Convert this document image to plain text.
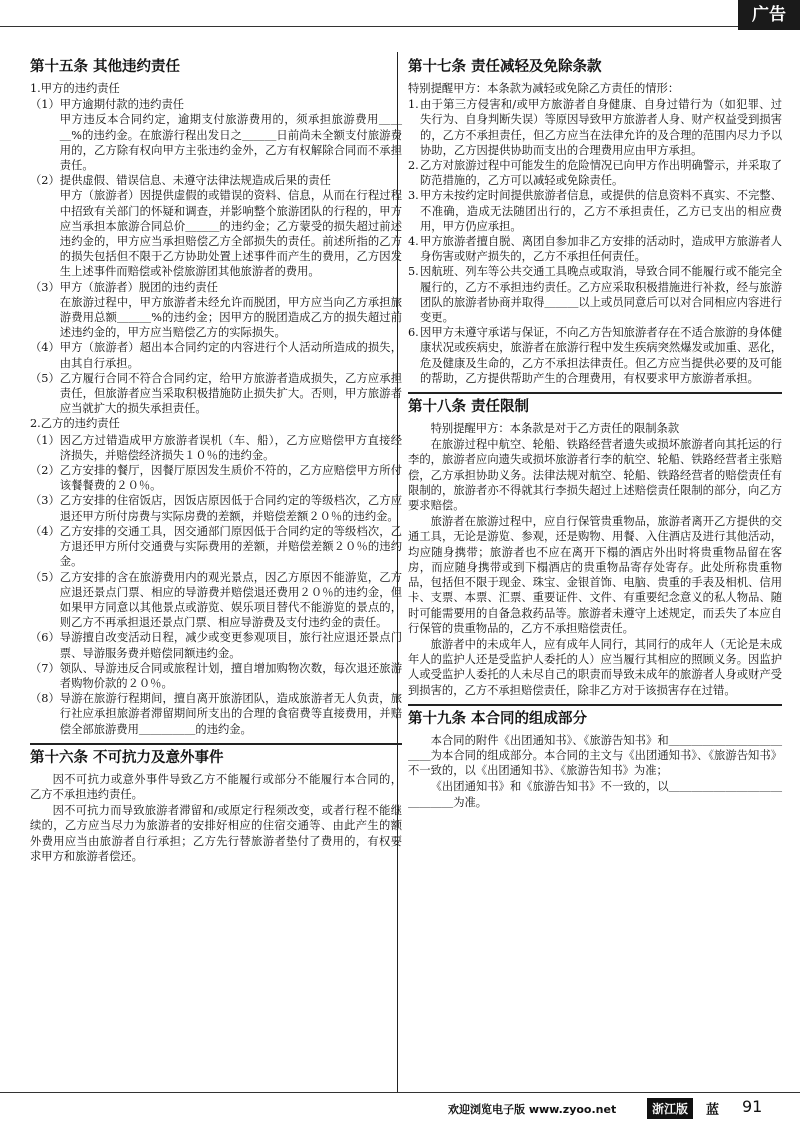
广告
第十五条 其他违约责任

1.甲方的违约责任

（1） 甲方逾期付款的违约责任
甲方违反本合同约定，逾期支付旅游费用的，须承担旅游费用＿＿＿%的违约金。在旅游行程出发日之＿＿＿日前尚未全额支付旅游费用的，乙方除有权向甲方主张违约金外，乙方有权解除合同而不承担责任。
（2） 提供虚假、错误信息、未遵守法律法规造成后果的责任
甲方（旅游者）因提供虚假的或错误的资料、信息，从而在行程过程中招致有关部门的怀疑和调查，并影响整个旅游团队的行程的，甲方应当承担本旅游合同总价＿＿＿的违约金；乙方蒙受的损失超过前述违约金的，甲方应当承担赔偿乙方全部损失的责任。前述所指的乙方的损失包括但不限于乙方协助处置上述事件而产生的费用，乙方因发生上述事件而赔偿或补偿旅游团其他旅游者的费用。
（3） 甲方（旅游者）脱团的违约责任
在旅游过程中，甲方旅游者未经允许而脱团，甲方应当向乙方承担旅游费用总额＿＿＿%的违约金；因甲方的脱团造成乙方的损失超过前述违约金的，甲方应当赔偿乙方的实际损失。
（4） 甲方（旅游者）超出本合同约定的内容进行个人活动所造成的损失，由其自行承担。
（5） 乙方履行合同不符合合同约定，给甲方旅游者造成损失，乙方应承担责任，但旅游者应当采取积极措施防止损失扩大。否则，甲方旅游者应当就扩大的损失承担责任。

2.乙方的违约责任

（1） 因乙方过错造成甲方旅游者误机（车、船），乙方应赔偿甲方直接经济损失，并赔偿经济损失１０％的违约金。
（2） 乙方安排的餐厅，因餐厅原因发生质价不符的，乙方应赔偿甲方所付该餐餐费的２０％。
（3） 乙方安排的住宿饭店，因饭店原因低于合同约定的等级档次，乙方应退还甲方所付房费与实际房费的差额，并赔偿差额２０％的违约金。
（4） 乙方安排的交通工具，因交通部门原因低于合同约定的等级档次，乙方退还甲方所付交通费与实际费用的差额，并赔偿差额２０％的违约金。
（5） 乙方安排的含在旅游费用内的观光景点，因乙方原因不能游览，乙方应退还景点门票、相应的导游费并赔偿退还费用２０％的违约金，但如果甲方同意以其他景点或游览、娱乐项目替代不能游览的景点的，则乙方不再承担退还景点门票、相应导游费及支付违约金的责任。
（6） 导游擅自改变活动日程，减少或变更参观项目，旅行社应退还景点门票、导游服务费并赔偿同额违约金。
（7） 领队、导游违反合同或旅程计划，擅自增加购物次数，每次退还旅游者购物价款的２０％。
（8） 导游在旅游行程期间，擅自离开旅游团队，造成旅游者无人负责，旅行社应承担旅游者滞留期间所支出的合理的食宿费等直接费用，并赔偿全部旅游费用＿＿＿＿＿的违约金。
第十六条 不可抗力及意外事件

因不可抗力或意外事件导致乙方不能履行或部分不能履行本合同的，乙方不承担违约责任。

因不可抗力而导致旅游者滞留和/或原定行程须改变，或者行程不能继续的，乙方应当尽力为旅游者的安排好相应的住宿交通等、由此产生的额外费用应当由旅游者自行承担；乙方先行替旅游者垫付了费用的，有权要求甲方和旅游者偿还。

第十七条 责任减轻及免除条款

特别提醒甲方：本条款为减轻或免除乙方责任的情形：

1. 由于第三方侵害和/或甲方旅游者自身健康、自身过错行为（如犯罪、过失行为、自身判断失误）等原因导致甲方旅游者人身、财产权益受到损害的，乙方不承担责任，但乙方应当在法律允许的及合理的范围内尽力予以协助，乙方因提供协助而支出的合理费用应由甲方承担。
2. 乙方对旅游过程中可能发生的危险情况已向甲方作出明确警示，并采取了防范措施的，乙方可以减轻或免除责任。
3. 甲方未按约定时间提供旅游者信息，或提供的信息资料不真实、不完整、不准确，造成无法随团出行的，乙方不承担责任，乙方已支出的相应费用，甲方仍应承担。
4. 甲方旅游者擅自脱、离团自参加非乙方安排的活动时，造成甲方旅游者人身伤害或财产损失的，乙方不承担任何责任。
5. 因航班、列车等公共交通工具晚点或取消，导致合同不能履行或不能完全履行的，乙方不承担违约责任。乙方应采取积极措施进行补救，经与旅游团队的旅游者协商并取得＿＿＿以上或员同意后可以对合同相应内容进行变更。
6. 因甲方未遵守承诺与保证，不向乙方告知旅游者存在不适合旅游的身体健康状况或疾病史，旅游者在旅游行程中发生疾病突然爆发或加重、恶化，危及健康及生命的，乙方不承担法律责任。但乙方应当提供必要的及可能的帮助，乙方提供帮助产生的合理费用，有权要求甲方旅游者承担。
第十八条 责任限制

特别提醒甲方：本条款是对于乙方责任的限制条款

在旅游过程中航空、轮船、铁路经营者遗失或损坏旅游者向其托运的行李的，旅游者应向遗失或损坏旅游者行李的航空、轮船、铁路经营者主张赔偿，乙方承担协助义务。法律法规对航空、轮船、铁路经营者的赔偿责任有限制的，旅游者亦不得就其行李损失超过上述赔偿责任限制的部分，向乙方要求赔偿。

旅游者在旅游过程中，应自行保管贵重物品，旅游者离开乙方提供的交通工具，无论是游览、参观，还是购物、用餐、入住酒店及进行其他活动，均应随身携带；旅游者也不应在离开下榻的酒店外出时将贵重物品留在客房，而应随身携带或到下榻酒店的贵重物品寄存处寄存。此处所称贵重物品，包括但不限于现金、珠宝、金银首饰、电脑、贵重的手表及相机、信用卡、支票、本票、汇票、重要证件、文件、有重要纪念意义的私人物品、随时可能需要用的自备急救药品等。旅游者未遵守上述规定，而丢失了本应自行保管的贵重物品的，乙方不承担赔偿责任。

旅游者中的未成年人，应有成年人同行，其同行的成年人（无论是未成年人的监护人还是受监护人委托的人）应当履行其相应的照顾义务。因监护人或受监护人委托的人未尽自己的职责而导致未成年的旅游者人身或财产受到损害的，乙方不承担赔偿责任，除非乙方对于该损害存在过错。

第十九条 本合同的组成部分

本合同的附件《出团通知书》、《旅游告知书》和＿＿＿＿＿＿＿＿＿＿＿＿为本合同的组成部分。本合同的主文与《出团通知书》、《旅游告知书》不一致的，以《出团通知书》、《旅游告知书》为准；

《出团通知书》和《旅游告知书》不一致的，以＿＿＿＿＿＿＿＿＿＿＿＿＿＿为准。

欢迎浏览电子版 www.zyoo.net	浙江版	蓝 91
